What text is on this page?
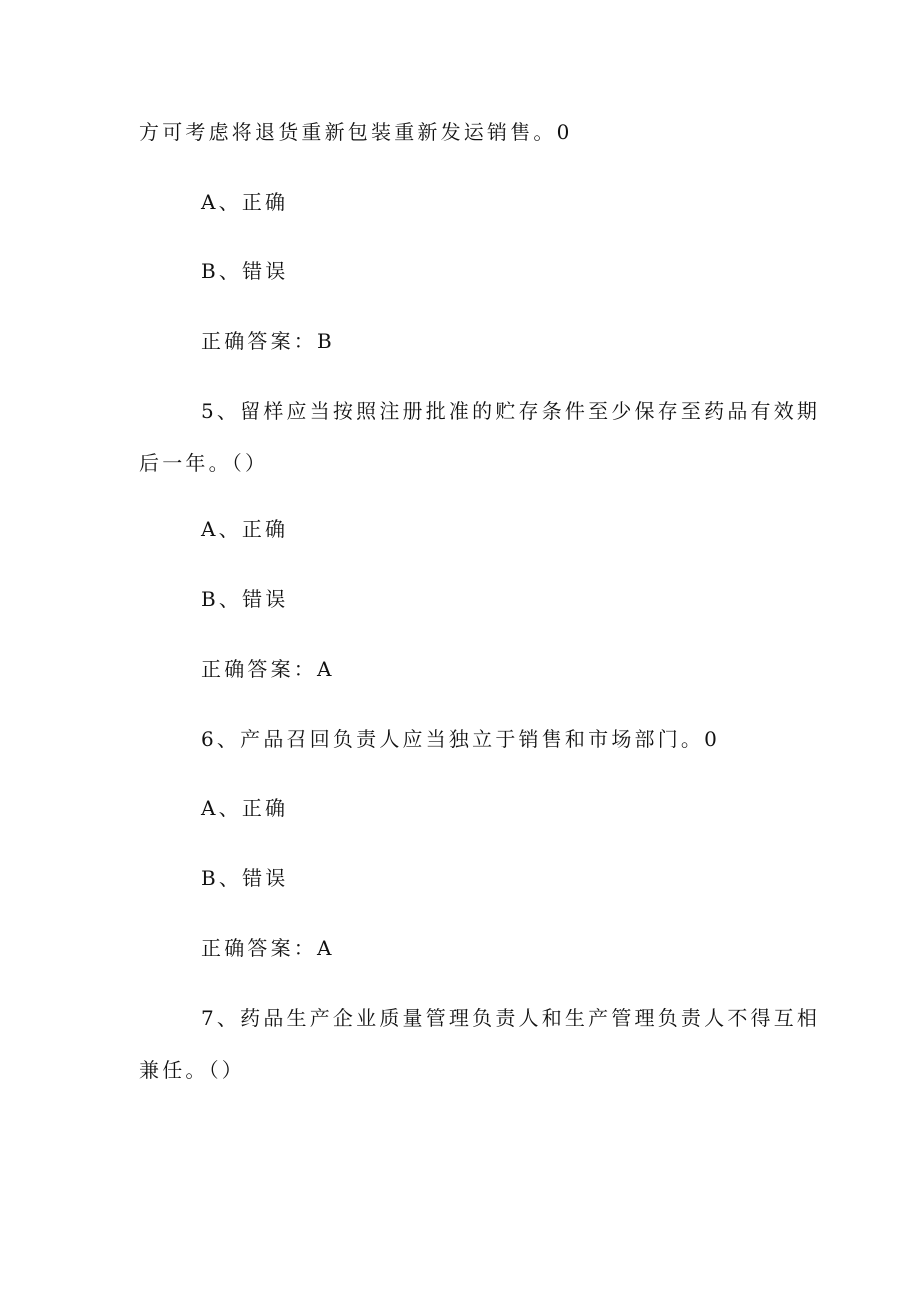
方可考虑将退货重新包装重新发运销售。0

A、正确

B、错误

正确答案：B

5、留样应当按照注册批准的贮存条件至少保存至药品有效期

后一年。（）

A、正确

B、错误

正确答案：A

6、产品召回负责人应当独立于销售和市场部门。0

A、正确

B、错误

正确答案：A

7、药品生产企业质量管理负责人和生产管理负责人不得互相

兼任。（）
